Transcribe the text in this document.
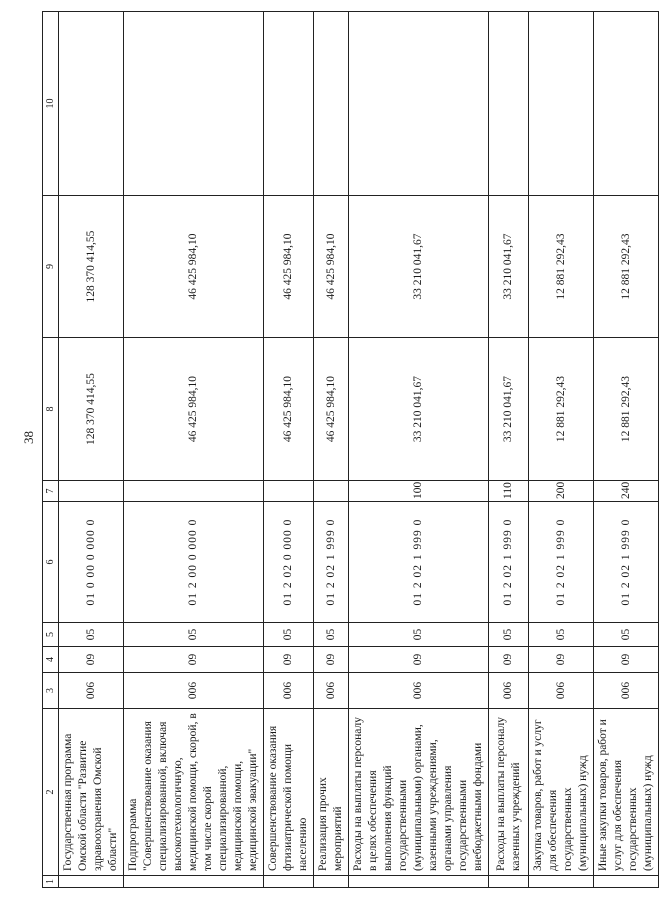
38
1	2	3	4	5	6	7	8	9	10
	Государственная программа Омской области "Развитие здравоохранения Омской области"	006	09	05	01 0 00 0 000 0		128 370 414,55	128 370 414,55	
	Подпрограмма "Совершенствование оказания специализированной, включая высокотехнологичную, медицинской помощи, скорой, в том числе скорой специализированной, медицинской помощи, медицинской эвакуации"	006	09	05	01 2 00 0 000 0		46 425 984,10	46 425 984,10	
	Совершенствование оказания фтизиатрической помощи населению	006	09	05	01 2 02 0 000 0		46 425 984,10	46 425 984,10	
	Реализация прочих мероприятий	006	09	05	01 2 02 1 999 0		46 425 984,10	46 425 984,10	
	Расходы на выплаты персоналу в целях обеспечения выполнения функций государственными (муниципальными) органами, казенными учреждениями, органами управления государственными внебюджетными фондами	006	09	05	01 2 02 1 999 0	100	33 210 041,67	33 210 041,67	
	Расходы на выплаты персоналу казенных учреждений	006	09	05	01 2 02 1 999 0	110	33 210 041,67	33 210 041,67	
	Закупка товаров, работ и услуг для обеспечения государственных (муниципальных) нужд	006	09	05	01 2 02 1 999 0	200	12 881 292,43	12 881 292,43	
	Иные закупки товаров, работ и услуг для обеспечения государственных (муниципальных) нужд	006	09	05	01 2 02 1 999 0	240	12 881 292,43	12 881 292,43	
